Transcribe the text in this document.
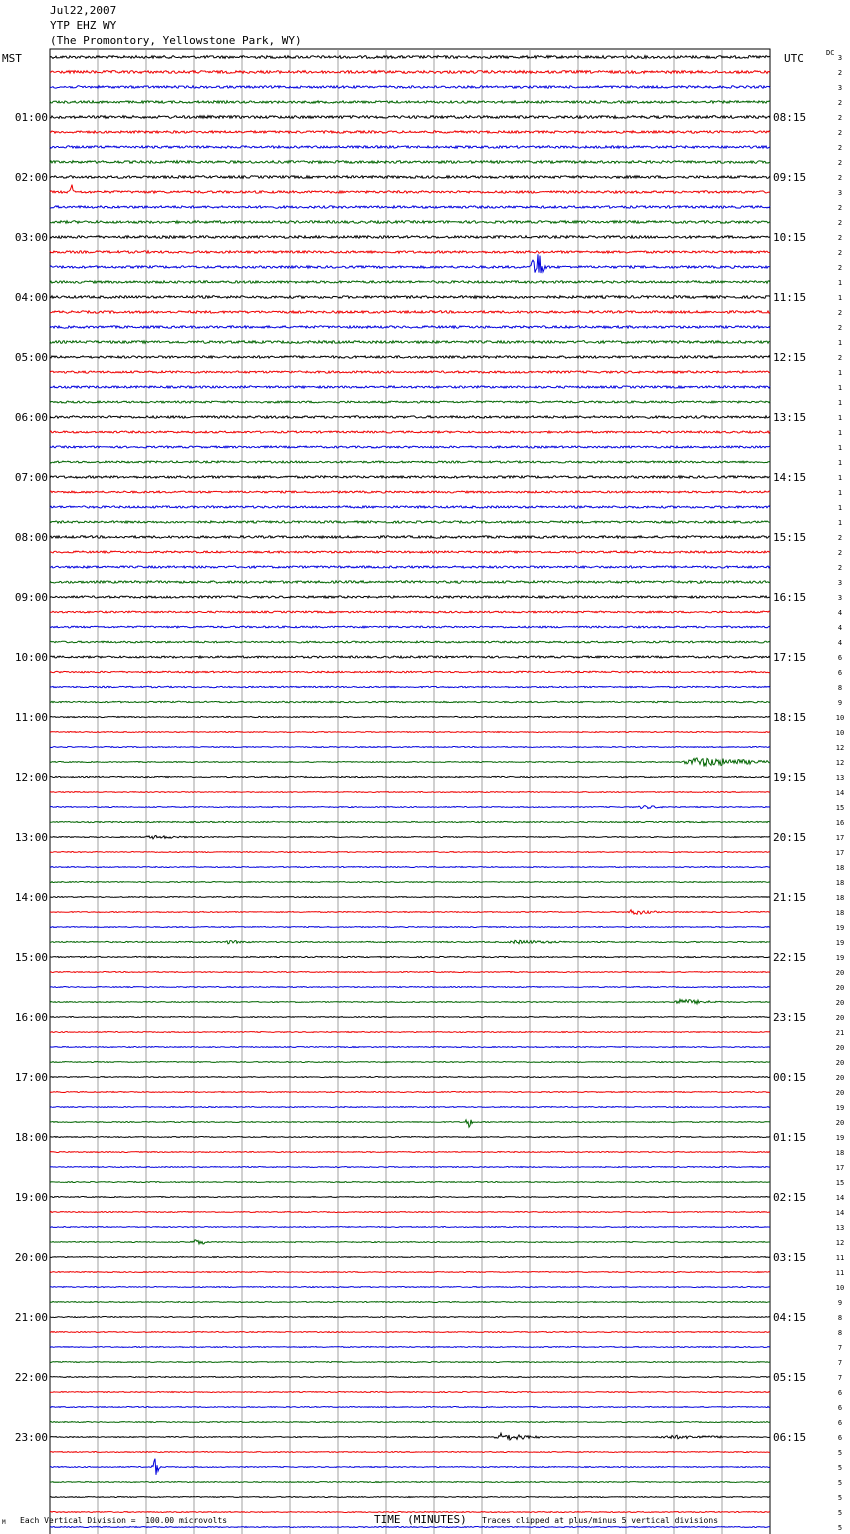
Jul22,2007
YTP EHZ WY
(The Promontory, Yellowstone Park, WY)
MST	UTC	DC
3
2
3
2
2
01:00	08:15
2
2
2
2
02:00	09:15
3
2
2
2
03:00	10:15
2
2
1
1
04:00	11:15
2
2
1
2
05:00	12:15
1
1
1
1
06:00	13:15
1
1
1
1
07:00	14:15
1
1
1
2
08:00	15:15
2
2
3
3
09:00	16:15
4
4
4
6
10:00	17:15
6
8
9
10
11:00	18:15
10
12
12
13
12:00	19:15
14
15
16
17
13:00	20:15
17
18
18
18
14:00	21:15
18
19
19
19
15:00	22:15
20
20
20
20
16:00	23:15
21
20
20
20
17:00	00:15
20
19
20
19
18:00	01:15
18
17
15
14
19:00	02:15
14
13
12
11
20:00	03:15
11
10
9
8
21:00	04:15
8
7
7
7
22:00	05:15
6
6
6
6
23:00	06:15
5
5
5
5
5
5
TIME (MINUTES)
M Each Vertical Division =  100.00 microvolts	Traces clipped at plus/minus 5 vertical divisions
